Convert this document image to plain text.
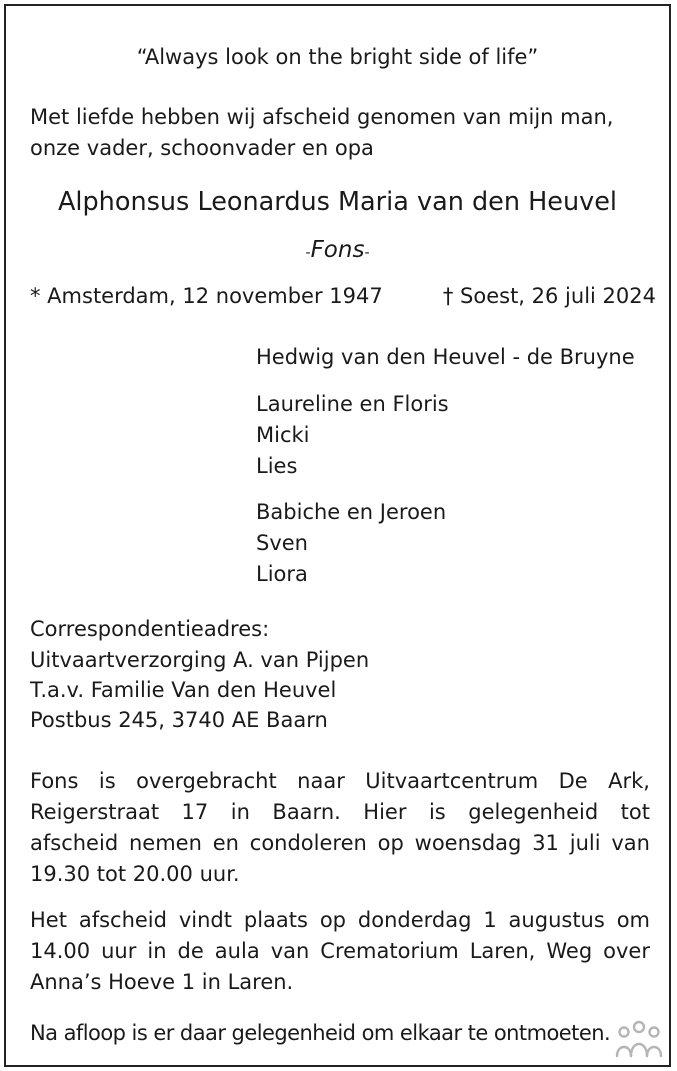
“Always look on the bright side of life”

Met liefde hebben wij afscheid genomen van mijn man,

onze vader, schoonvader en opa

Alphonsus Leonardus Maria van den Heuvel

-Fons-

* Amsterdam, 12 november 1947	† Soest, 26 juli 2024

Hedwig van den Heuvel - de Bruyne

Laureline en Floris

Micki

Lies

Babiche en Jeroen

Sven

Liora

Correspondentieadres:

Uitvaartverzorging A. van Pijpen

T.a.v. Familie Van den Heuvel

Postbus 245, 3740 AE Baarn

Fons is overgebracht naar Uitvaartcentrum De Ark,

Reigerstraat 17 in Baarn. Hier is gelegenheid tot

afscheid nemen en condoleren op woensdag 31 juli van

19.30 tot 20.00 uur.

Het afscheid vindt plaats op donderdag 1 augustus om

14.00 uur in de aula van Crematorium Laren, Weg over

Anna’s Hoeve 1 in Laren.

Na afloop is er daar gelegenheid om elkaar te ontmoeten.
